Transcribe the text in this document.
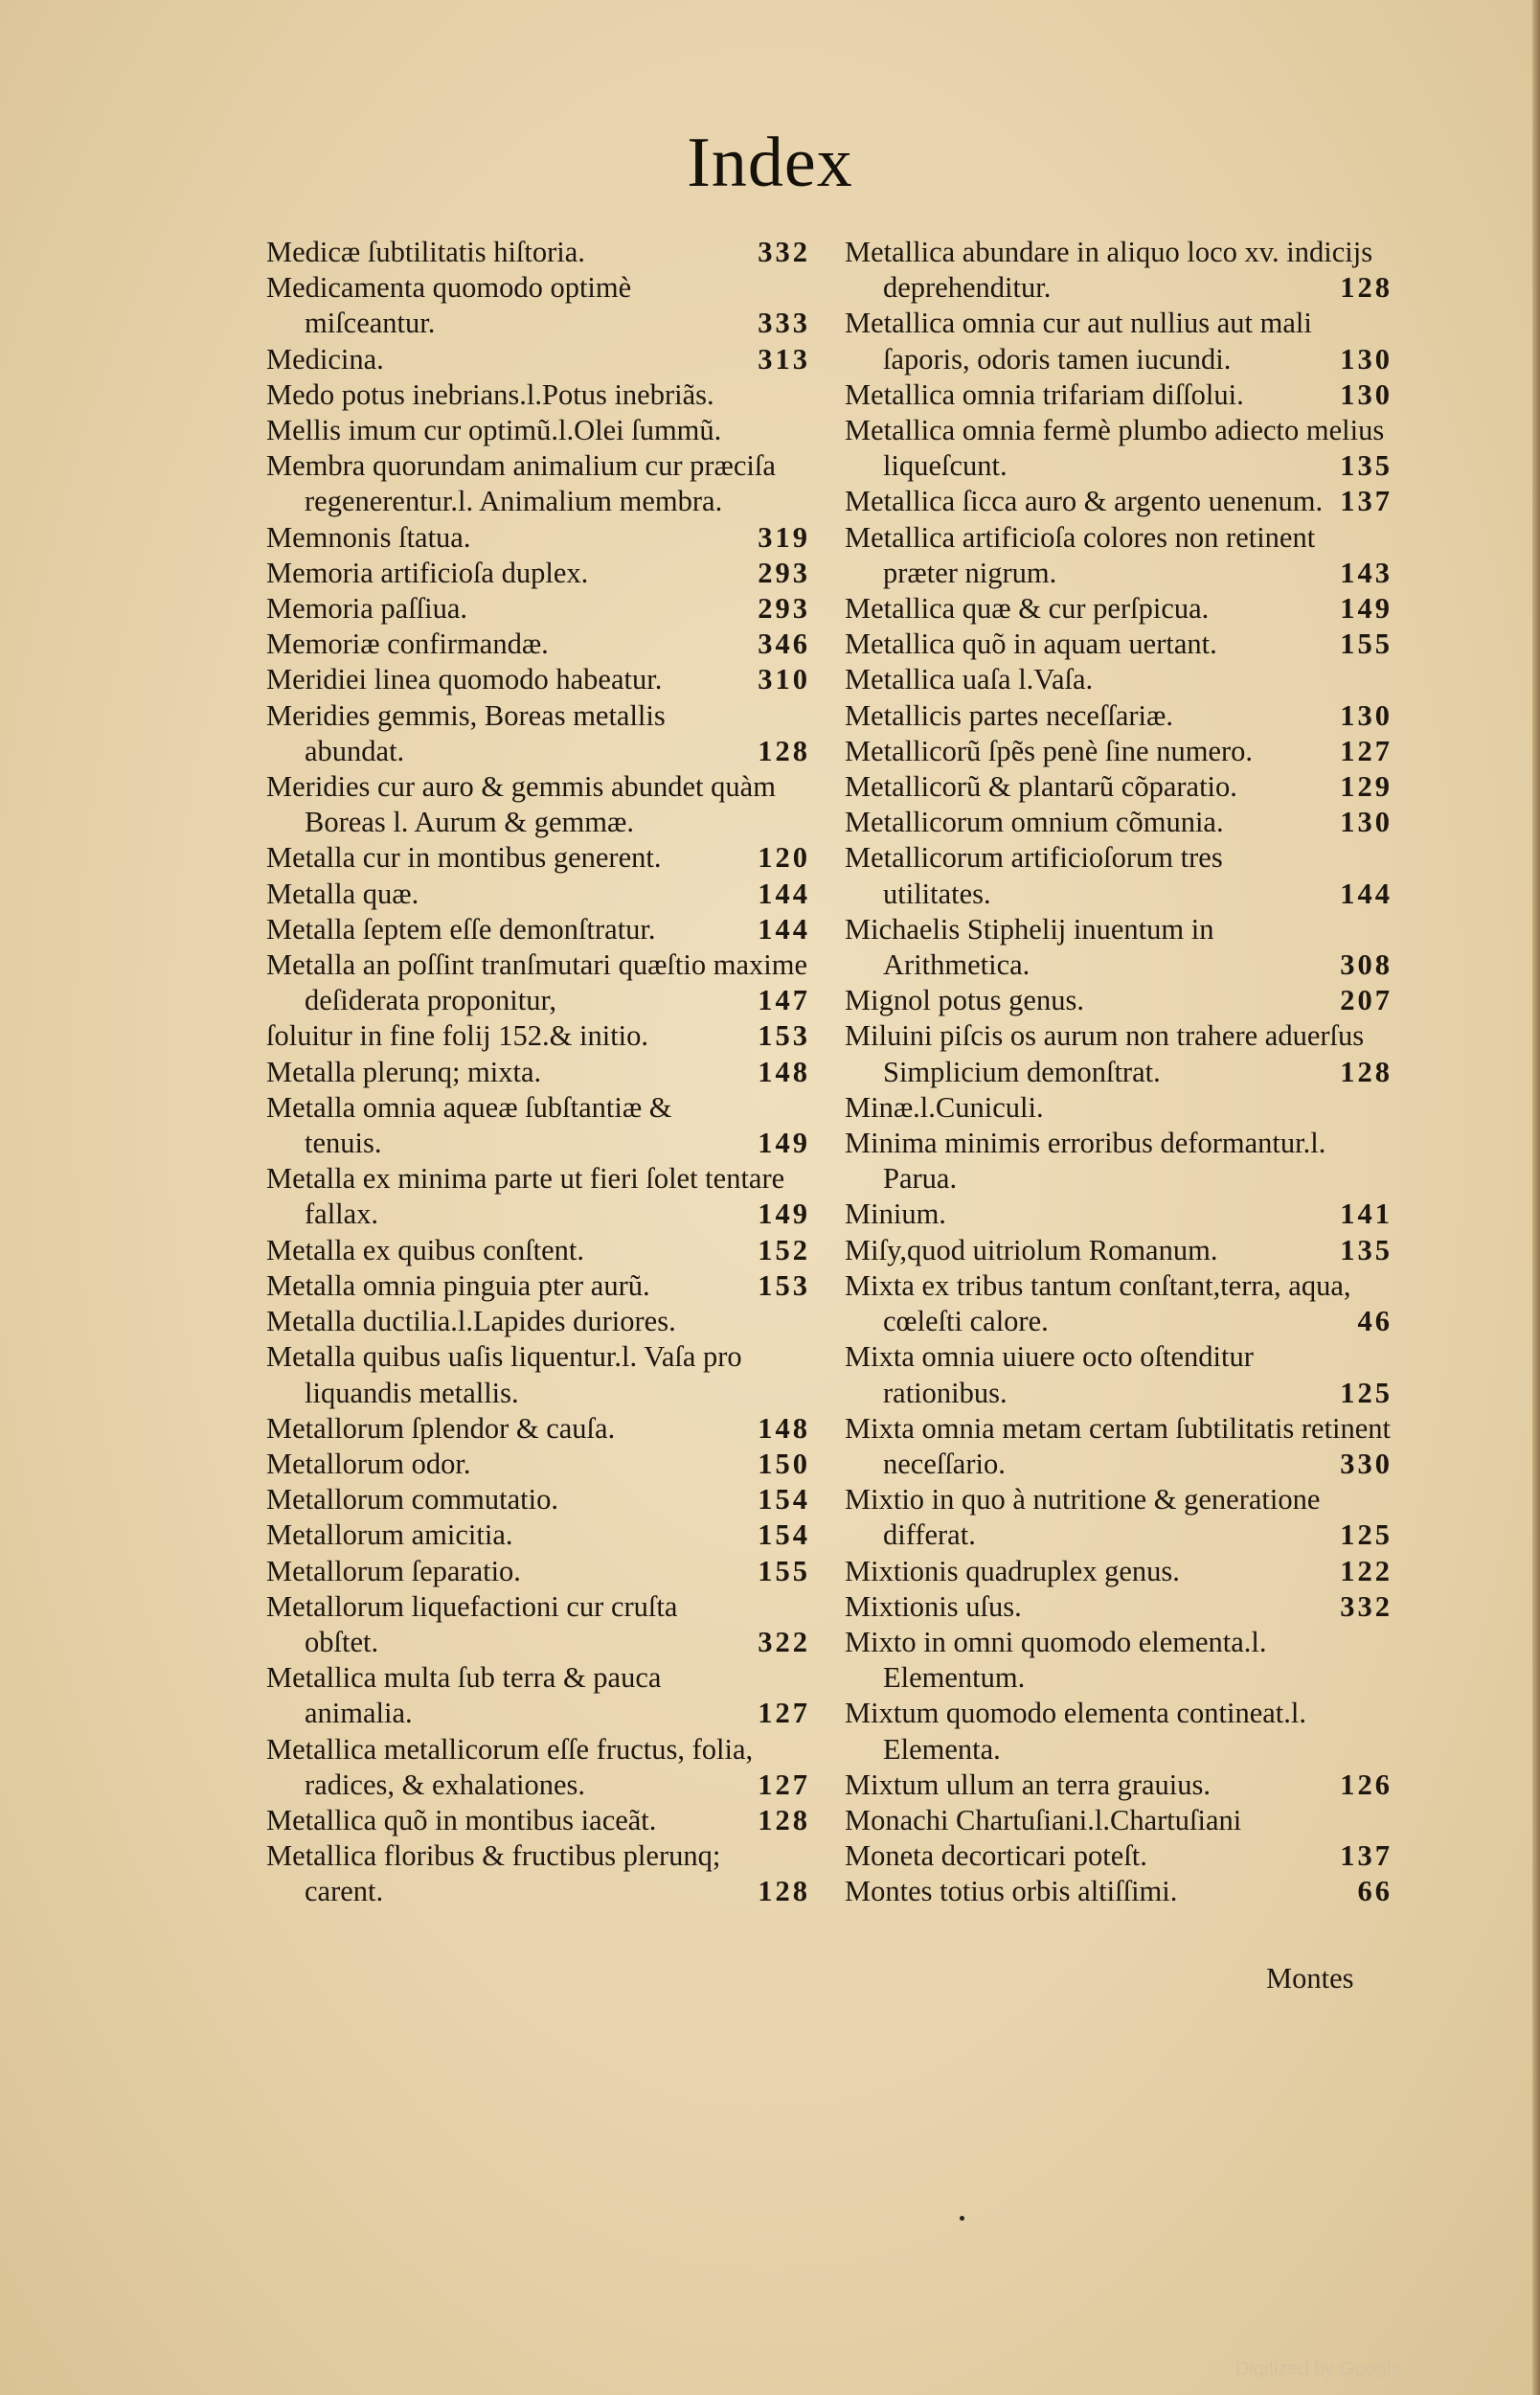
Index
Medicæ ſubtilitatis hiſtoria.	332
Medicamenta quomodo optimè miſceantur.	333
Medicina.	313
Medo potus inebrians.l.Potus inebriãs.
Mellis imum cur optimũ.l.Olei ſummũ.
Membra quorundam animalium cur præciſa regenerentur.l. Animalium membra.
Memnonis ſtatua.	319
Memoria artificioſa duplex.	293
Memoria paſſiua.	293
Memoriæ confirmandæ.	346
Meridiei linea quomodo habeatur.	310
Meridies gemmis, Boreas metallis abundat.	128
Meridies cur auro & gemmis abundet quàm Boreas l. Aurum & gemmæ.
Metalla cur in montibus generent.	120
Metalla quæ.	144
Metalla ſeptem eſſe demonſtratur.	144
Metalla an poſſint tranſmutari quæſtio maxime deſiderata proponitur,	147
ſoluitur in fine folij 152.& initio.	153
Metalla plerunq; mixta.	148
Metalla omnia aqueæ ſubſtantiæ & tenuis.	149
Metalla ex minima parte ut fieri ſolet tentare fallax.	149
Metalla ex quibus conſtent.	152
Metalla omnia pinguia pter aurũ.	153
Metalla ductilia.l.Lapides duriores.
Metalla quibus uaſis liquentur.l. Vaſa pro liquandis metallis.
Metallorum ſplendor & cauſa.	148
Metallorum odor.	150
Metallorum commutatio.	154
Metallorum amicitia.	154
Metallorum ſeparatio.	155
Metallorum liquefactioni cur cruſta obſtet.	322
Metallica multa ſub terra & pauca animalia.	127
Metallica metallicorum eſſe fructus, folia, radices, & exhalationes.	127
Metallica quõ in montibus iaceãt.	128
Metallica floribus & fructibus plerunq; carent.	128
Metallica abundare in aliquo loco xv. indicijs deprehenditur.	128
Metallica omnia cur aut nullius aut mali ſaporis, odoris tamen iucundi.	130
Metallica omnia trifariam diſſolui.	130
Metallica omnia fermè plumbo adiecto melius liqueſcunt.	135
Metallica ſicca auro & argento uenenum. 137
Metallica artificioſa colores non retinent præter nigrum.	143
Metallica quæ & cur perſpicua.	149
Metallica quõ in aquam uertant.	155
Metallica uaſa l.Vaſa.
Metallicis partes neceſſariæ.	130
Metallicorũ ſpẽs penè ſine numero.	127
Metallicorũ & plantarũ cõparatio.	129
Metallicorum omnium cõmunia.	130
Metallicorum artificioſorum tres utilitates.	144
Michaelis Stiphelij inuentum in Arithmetica.	308
Mignol potus genus.	207
Miluini piſcis os aurum non trahere aduerſus Simplicium demonſtrat.	128
Minæ.l.Cuniculi.
Minima minimis erroribus deformantur.l. Parua.
Minium.	141
Miſy,quod uitriolum Romanum.	135
Mixta ex tribus tantum conſtant,terra, aqua, cœleſti calore.	46
Mixta omnia uiuere octo oſtenditur rationibus.	125
Mixta omnia metam certam ſubtilitatis retinent neceſſario.	330
Mixtio in quo à nutritione & generatione differat.	125
Mixtionis quadruplex genus.	122
Mixtionis uſus.	332
Mixto in omni quomodo elementa.l. Elementum.
Mixtum quomodo elementa contineat.l. Elementa.
Mixtum ullum an terra grauius.	126
Monachi Chartuſiani.l.Chartuſiani
Moneta decorticari poteſt.	137
Montes totius orbis altiſſimi.	66
Montes
Digitized by Google
